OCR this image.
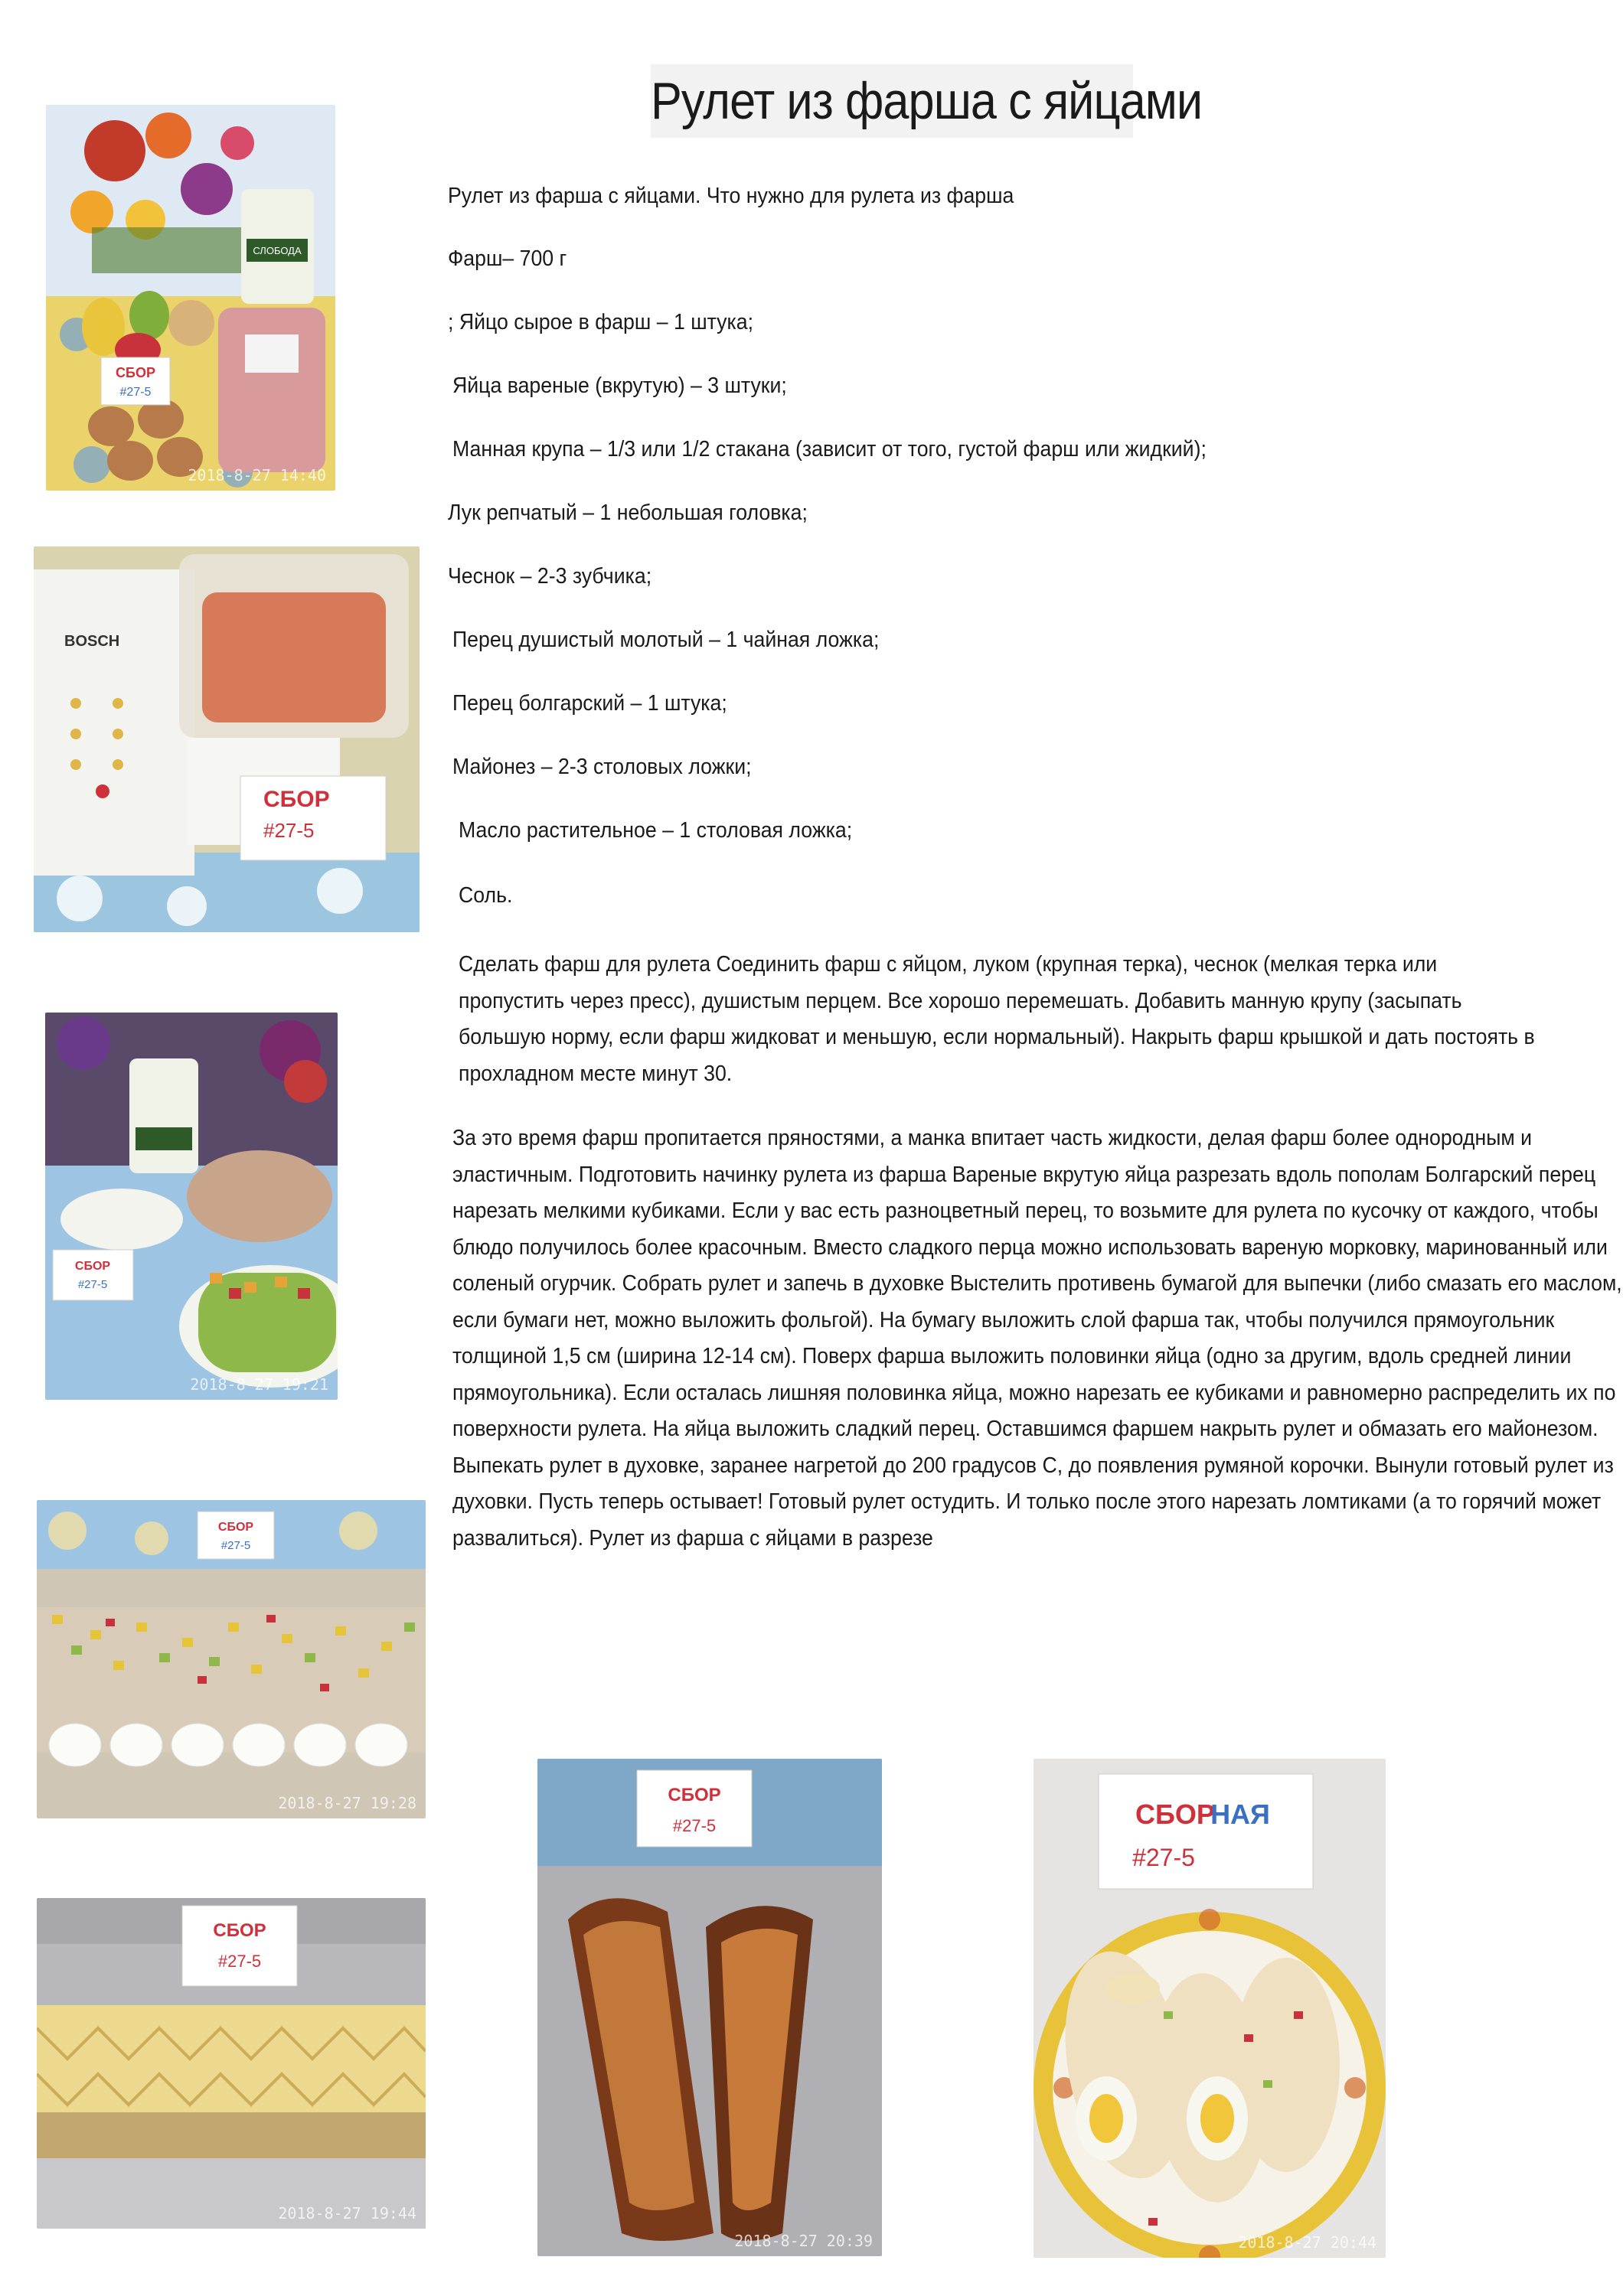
Рулет из фарша с яйцами
Рулет из фарша с яйцами. Что нужно для рулета из фарша
Фарш– 700 г
; Яйцо сырое в фарш – 1 штука;
Яйца вареные (вкрутую) – 3 штуки;
Манная крупа – 1/3 или 1/2 стакана (зависит от того, густой фарш или жидкий);
Лук репчатый – 1 небольшая головка;
Чеснок – 2-3 зубчика;
Перец душистый молотый – 1 чайная ложка;
Перец болгарский – 1 штука;
Майонез – 2-3 столовых ложки;
Масло растительное – 1 столовая ложка;
Соль.
Сделать фарш для рулета Соединить фарш с яйцом, луком (крупная терка), чеснок (мелкая терка или пропустить через пресс), душистым перцем. Все хорошо перемешать. Добавить манную крупу (засыпать большую норму, если фарш жидковат и меньшую, если нормальный). Накрыть фарш крышкой и дать постоять в прохладном месте минут 30.
За это время фарш пропитается пряностями, а манка впитает часть жидкости, делая фарш более однородным и эластичным. Подготовить начинку рулета из фарша Вареные вкрутую яйца разрезать вдоль пополам Болгарский перец нарезать мелкими кубиками. Если у вас есть разноцветный перец, то возьмите для рулета по кусочку от каждого, чтобы блюдо получилось более красочным. Вместо сладкого перца можно использовать вареную морковку, маринованный или соленый огурчик. Собрать рулет и запечь в духовке Выстелить противень бумагой для выпечки (либо смазать его маслом, если бумаги нет, можно выложить фольгой). На бумагу выложить слой фарша так, чтобы получился прямоугольник толщиной 1,5 см (ширина 12-14 см). Поверх фарша выложить половинки яйца (одно за другим, вдоль средней линии прямоугольника). Если осталась лишняя половинка яйца, можно нарезать ее кубиками и равномерно распределить их по поверхности рулета. На яйца выложить сладкий перец. Оставшимся фаршем накрыть рулет и обмазать его майонезом. Выпекать рулет в духовке, заранее нагретой до 200 градусов С, до появления румяной корочки. Вынули готовый рулет из духовки. Пусть теперь остывает! Готовый рулет остудить. И только после этого нарезать ломтиками (а то горячий может развалиться). Рулет из фарша с яйцами в разрезе
СЛОБОДА
СБОР
#27-5
2018-8-27 14:40
BOSCH
СБОР
#27-5
СБОР
#27-5
2018-8-27 19:21
СБОР
#27-5
2018-8-27 19:28
СБОР
#27-5
2018-8-27 19:44
СБОР
#27-5
2018-8-27 20:39
СБОР
НАЯ
#27-5
2018-8-27 20:44
